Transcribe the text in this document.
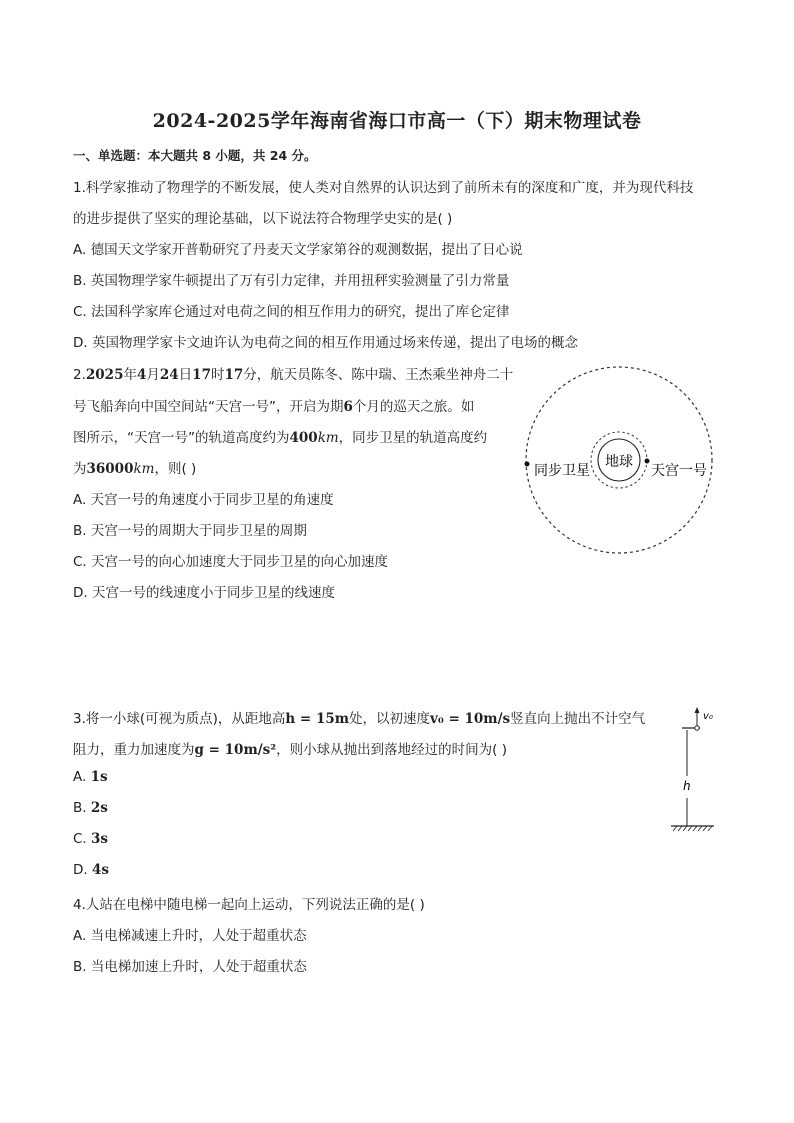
2024-2025学年海南省海口市高一（下）期末物理试卷
一、单选题：本大题共 8 小题，共 24 分。
1.科学家推动了物理学的不断发展，使人类对自然界的认识达到了前所未有的深度和广度，并为现代科技
的进步提供了坚实的理论基础，以下说法符合物理学史实的是( )
A. 德国天文学家开普勒研究了丹麦天文学家第谷的观测数据，提出了日心说
B. 英国物理学家牛顿提出了万有引力定律，并用扭秤实验测量了引力常量
C. 法国科学家库仑通过对电荷之间的相互作用力的研究，提出了库仑定律
D. 英国物理学家卡文迪许认为电荷之间的相互作用通过场来传递，提出了电场的概念
2.2025年4月24日17时17分，航天员陈冬、陈中瑞、王杰乘坐神舟二十
号飞船奔向中国空间站“天宫一号”，开启为期6个月的巡天之旅。如
图所示，“天宫一号”的轨道高度约为400km，同步卫星的轨道高度约
为36000km，则( )
A. 天宫一号的角速度小于同步卫星的角速度
B. 天宫一号的周期大于同步卫星的周期
C. 天宫一号的向心加速度大于同步卫星的向心加速度
D. 天宫一号的线速度小于同步卫星的线速度
地球
同步卫星	天宫一号
3.将一小球(可视为质点)，从距地高h = 15m处，以初速度v₀ = 10m/s竖直向上抛出不计空气
阻力，重力加速度为g = 10m/s²，则小球从抛出到落地经过的时间为( )
A. 1s
B. 2s
C. 3s
D. 4s
v₀
h
4.人站在电梯中随电梯一起向上运动，下列说法正确的是( )
A. 当电梯减速上升时，人处于超重状态
B. 当电梯加速上升时，人处于超重状态
